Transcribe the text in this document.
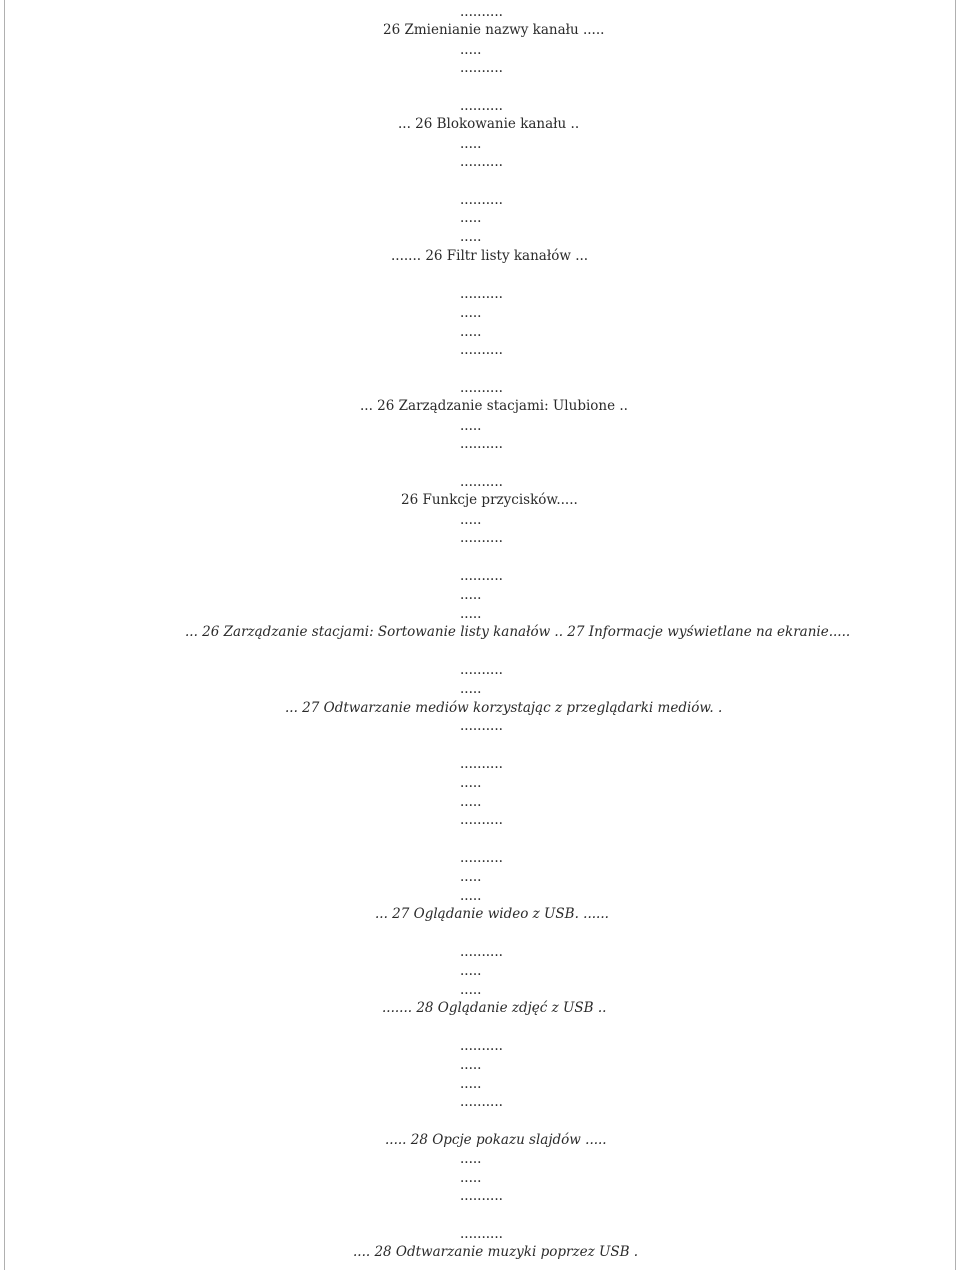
..........
26 Zmienianie nazwy kanału .....
.....
..........
..........
... 26 Blokowanie kanału ..
.....
..........
..........
.....
.....
....... 26 Filtr listy kanałów ...
..........
.....
.....
..........
..........
... 26 Zarządzanie stacjami: Ulubione ..
.....
..........
..........
26 Funkcje przycisków.....
.....
..........
..........
.....
.....
... 26 Zarządzanie stacjami: Sortowanie listy kanałów .. 27 Informacje wyświetlane na ekranie.....
..........
.....
... 27 Odtwarzanie mediów korzystając z przeglądarki mediów. .
..........
..........
.....
.....
..........
..........
.....
.....
... 27 Oglądanie wideo z USB. ......
..........
.....
.....
....... 28 Oglądanie zdjęć z USB ..
..........
.....
.....
..........
..... 28 Opcje pokazu slajdów .....
.....
.....
..........
..........
.... 28 Odtwarzanie muzyki poprzez USB .
